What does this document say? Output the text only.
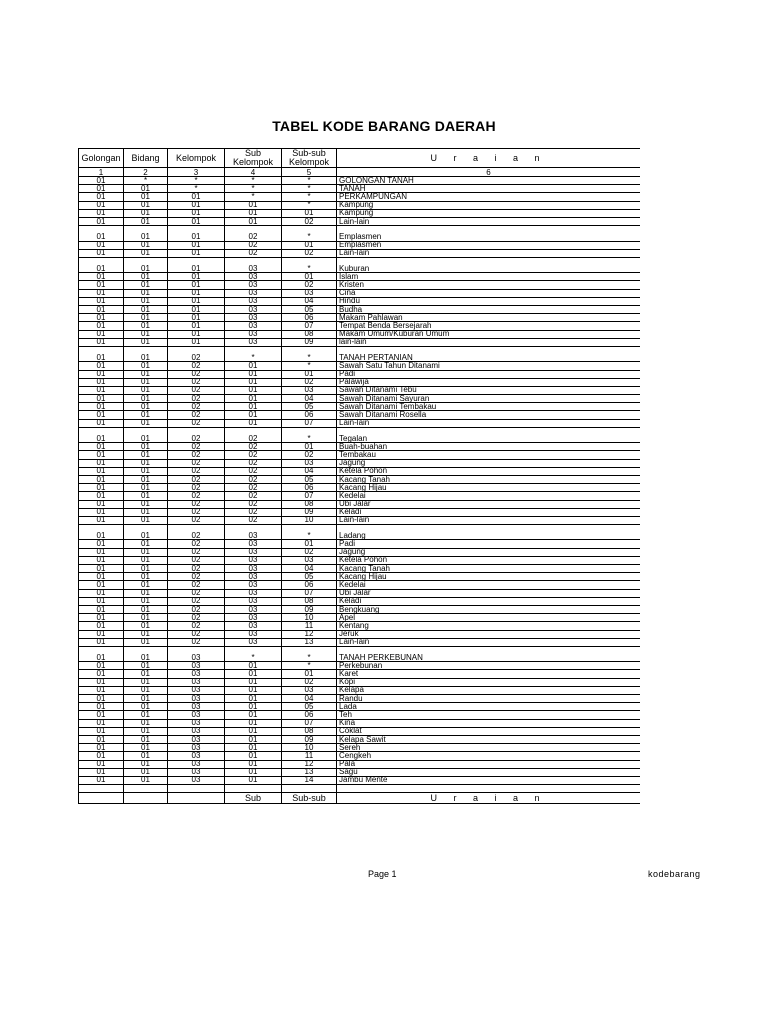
TABEL KODE BARANG DAERAH
Golongan	Bidang	Kelompok	Sub Kelompok	Sub-sub Kelompok	U r a i a n
1	2	3	4	5	6
01	*	*	*	*	GOLONGAN TANAH
01	01	*	*	*	TANAH
01	01	01	*	*	PERKAMPUNGAN
01	01	01	01	*	Kampung
01	01	01	01	01	Kampung
01	01	01	01	02	Lain-lain

01	01	01	02	*	Emplasmen
01	01	01	02	01	Emplasmen
01	01	01	02	02	Lain-lain

01	01	01	03	*	Kuburan
01	01	01	03	01	Islam
01	01	01	03	02	Kristen
01	01	01	03	03	Cina
01	01	01	03	04	Hindu
01	01	01	03	05	Budha
01	01	01	03	06	Makam Pahlawan
01	01	01	03	07	Tempat Benda Bersejarah
01	01	01	03	08	Makam Umum/Kuburan Umum
01	01	01	03	09	lain-lain

01	01	02	*	*	TANAH PERTANIAN
01	01	02	01	*	Sawah Satu Tahun Ditanami
01	01	02	01	01	Padi
01	01	02	01	02	Palawija
01	01	02	01	03	Sawah Ditanami Tebu
01	01	02	01	04	Sawah Ditanami Sayuran
01	01	02	01	05	Sawah Ditanami Tembakau
01	01	02	01	06	Sawah Ditanami Rosella
01	01	02	01	07	Lain-lain

01	01	02	02	*	Tegalan
01	01	02	02	01	Buah-buahan
01	01	02	02	02	Tembakau
01	01	02	02	03	Jagung
01	01	02	02	04	Ketela Pohon
01	01	02	02	05	Kacang Tanah
01	01	02	02	06	Kacang Hijau
01	01	02	02	07	Kedelai
01	01	02	02	08	Ubi Jalar
01	01	02	02	09	Keladi
01	01	02	02	10	Lain-lain

01	01	02	03	*	Ladang
01	01	02	03	01	Padi
01	01	02	03	02	Jagung
01	01	02	03	03	Ketela Pohon
01	01	02	03	04	Kacang Tanah
01	01	02	03	05	Kacang Hijau
01	01	02	03	06	Kedelai
01	01	02	03	07	Ubi Jalar
01	01	02	03	08	Keladi
01	01	02	03	09	Bengkuang
01	01	02	03	10	Apel
01	01	02	03	11	Kentang
01	01	02	03	12	Jeruk
01	01	02	03	13	Lain-lain

01	01	03	*	*	TANAH PERKEBUNAN
01	01	03	01	*	Perkebunan
01	01	03	01	01	Karet
01	01	03	01	02	Kopi
01	01	03	01	03	Kelapa
01	01	03	01	04	Randu
01	01	03	01	05	Lada
01	01	03	01	06	Teh
01	01	03	01	07	Kina
01	01	03	01	08	Coklat
01	01	03	01	09	Kelapa Sawit
01	01	03	01	10	Sereh
01	01	03	01	11	Cengkeh
01	01	03	01	12	Pala
01	01	03	01	13	Sagu
01	01	03	01	14	Jambu Mente

			Sub	Sub-sub	U r a i a n
Page 1	kodebarang
